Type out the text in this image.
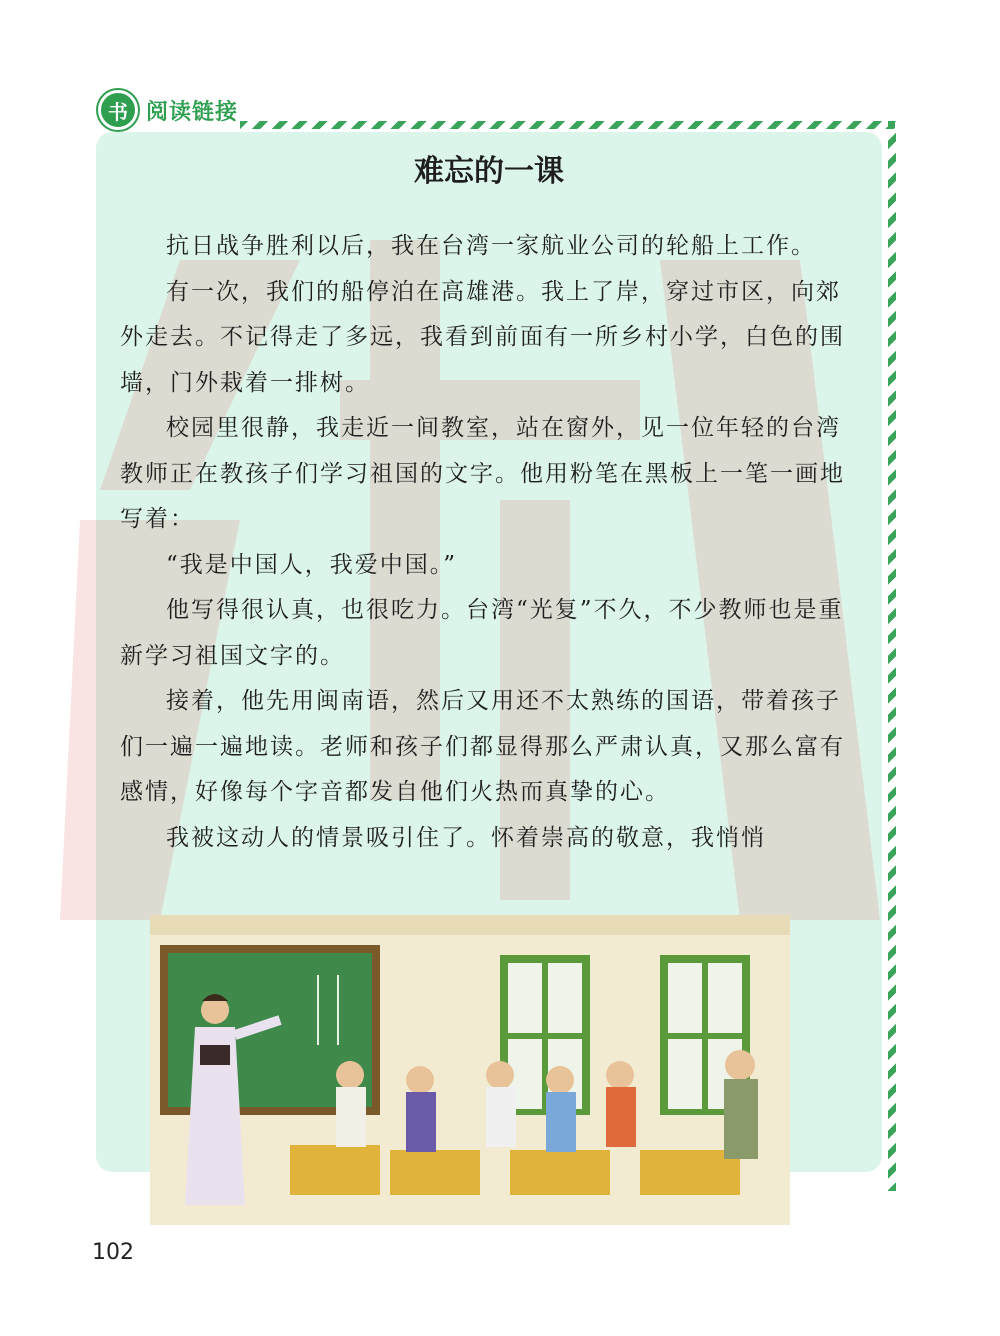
书 阅读链接
难忘的一课

抗日战争胜利以后，我在台湾一家航业公司的轮船上工作。

有一次，我们的船停泊在高雄港。我上了岸，穿过市区，向郊外走去。不记得走了多远，我看到前面有一所乡村小学，白色的围墙，门外栽着一排树。

校园里很静，我走近一间教室，站在窗外，见一位年轻的台湾教师正在教孩子们学习祖国的文字。他用粉笔在黑板上一笔一画地写着：

“我是中国人，我爱中国。”

他写得很认真，也很吃力。台湾“光复”不久，不少教师也是重新学习祖国文字的。

接着，他先用闽南语，然后又用还不太熟练的国语，带着孩子们一遍一遍地读。老师和孩子们都显得那么严肃认真，又那么富有感情，好像每个字音都发自他们火热而真挚的心。

我被这动人的情景吸引住了。怀着崇高的敬意，我悄悄

102
